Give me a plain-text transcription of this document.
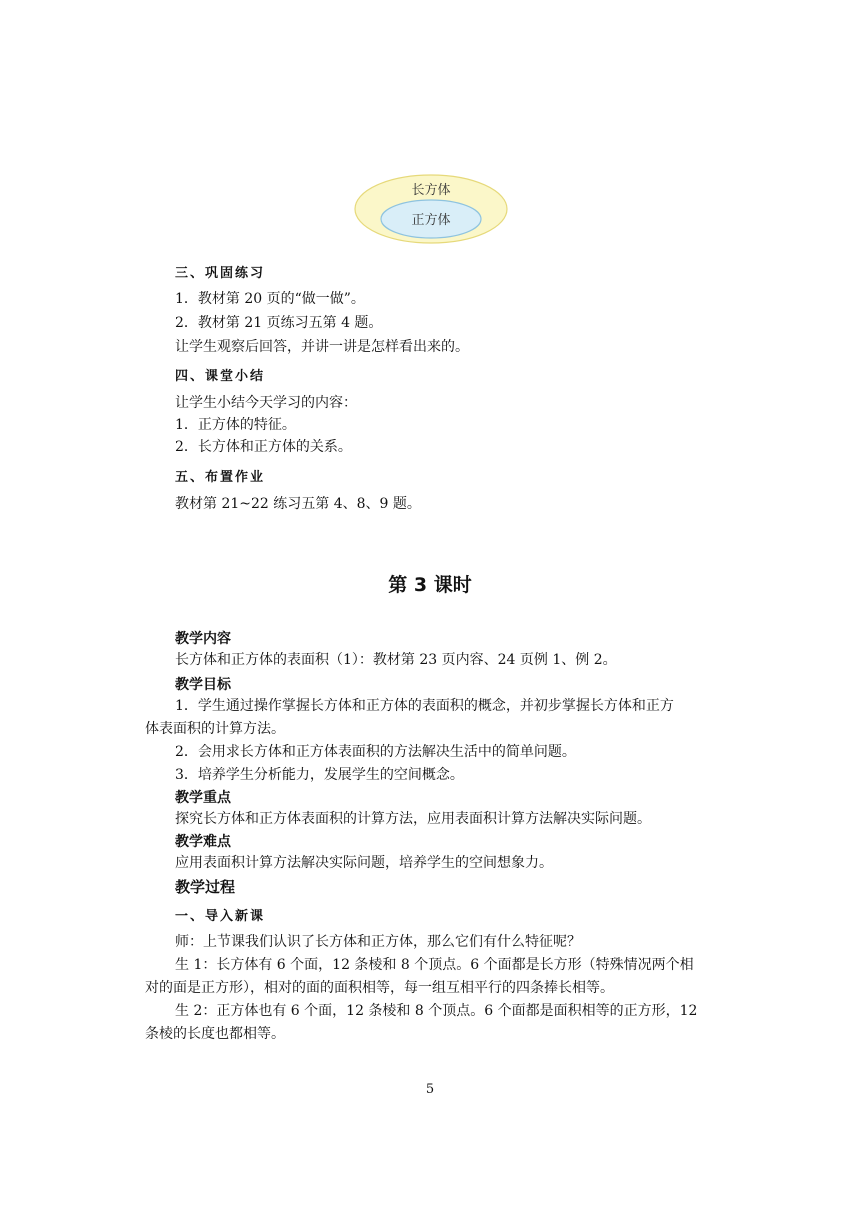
长方体
正方体
三、巩固练习
1．教材第 20 页的“做一做”。
2．教材第 21 页练习五第 4 题。
让学生观察后回答，并讲一讲是怎样看出来的。
四、课堂小结
让学生小结今天学习的内容：
1．正方体的特征。
2．长方体和正方体的关系。
五、布置作业
教材第 21~22 练习五第 4、8、9 题。
第 3 课时
教学内容
长方体和正方体的表面积（1）：教材第 23 页内容、24 页例 1、例 2。
教学目标
1．学生通过操作掌握长方体和正方体的表面积的概念，并初步掌握长方体和正方
体表面积的计算方法。
2．会用求长方体和正方体表面积的方法解决生活中的简单问题。
3．培养学生分析能力，发展学生的空间概念。
教学重点
探究长方体和正方体表面积的计算方法，应用表面积计算方法解决实际问题。
教学难点
应用表面积计算方法解决实际问题，培养学生的空间想象力。
教学过程
一、导入新课
师：上节课我们认识了长方体和正方体，那么它们有什么特征呢？
生 1：长方体有 6 个面，12 条棱和 8 个顶点。6 个面都是长方形（特殊情况两个相
对的面是正方形），相对的面的面积相等，每一组互相平行的四条捧长相等。
生 2：正方体也有 6 个面，12 条棱和 8 个顶点。6 个面都是面积相等的正方形，12
条棱的长度也都相等。
5
